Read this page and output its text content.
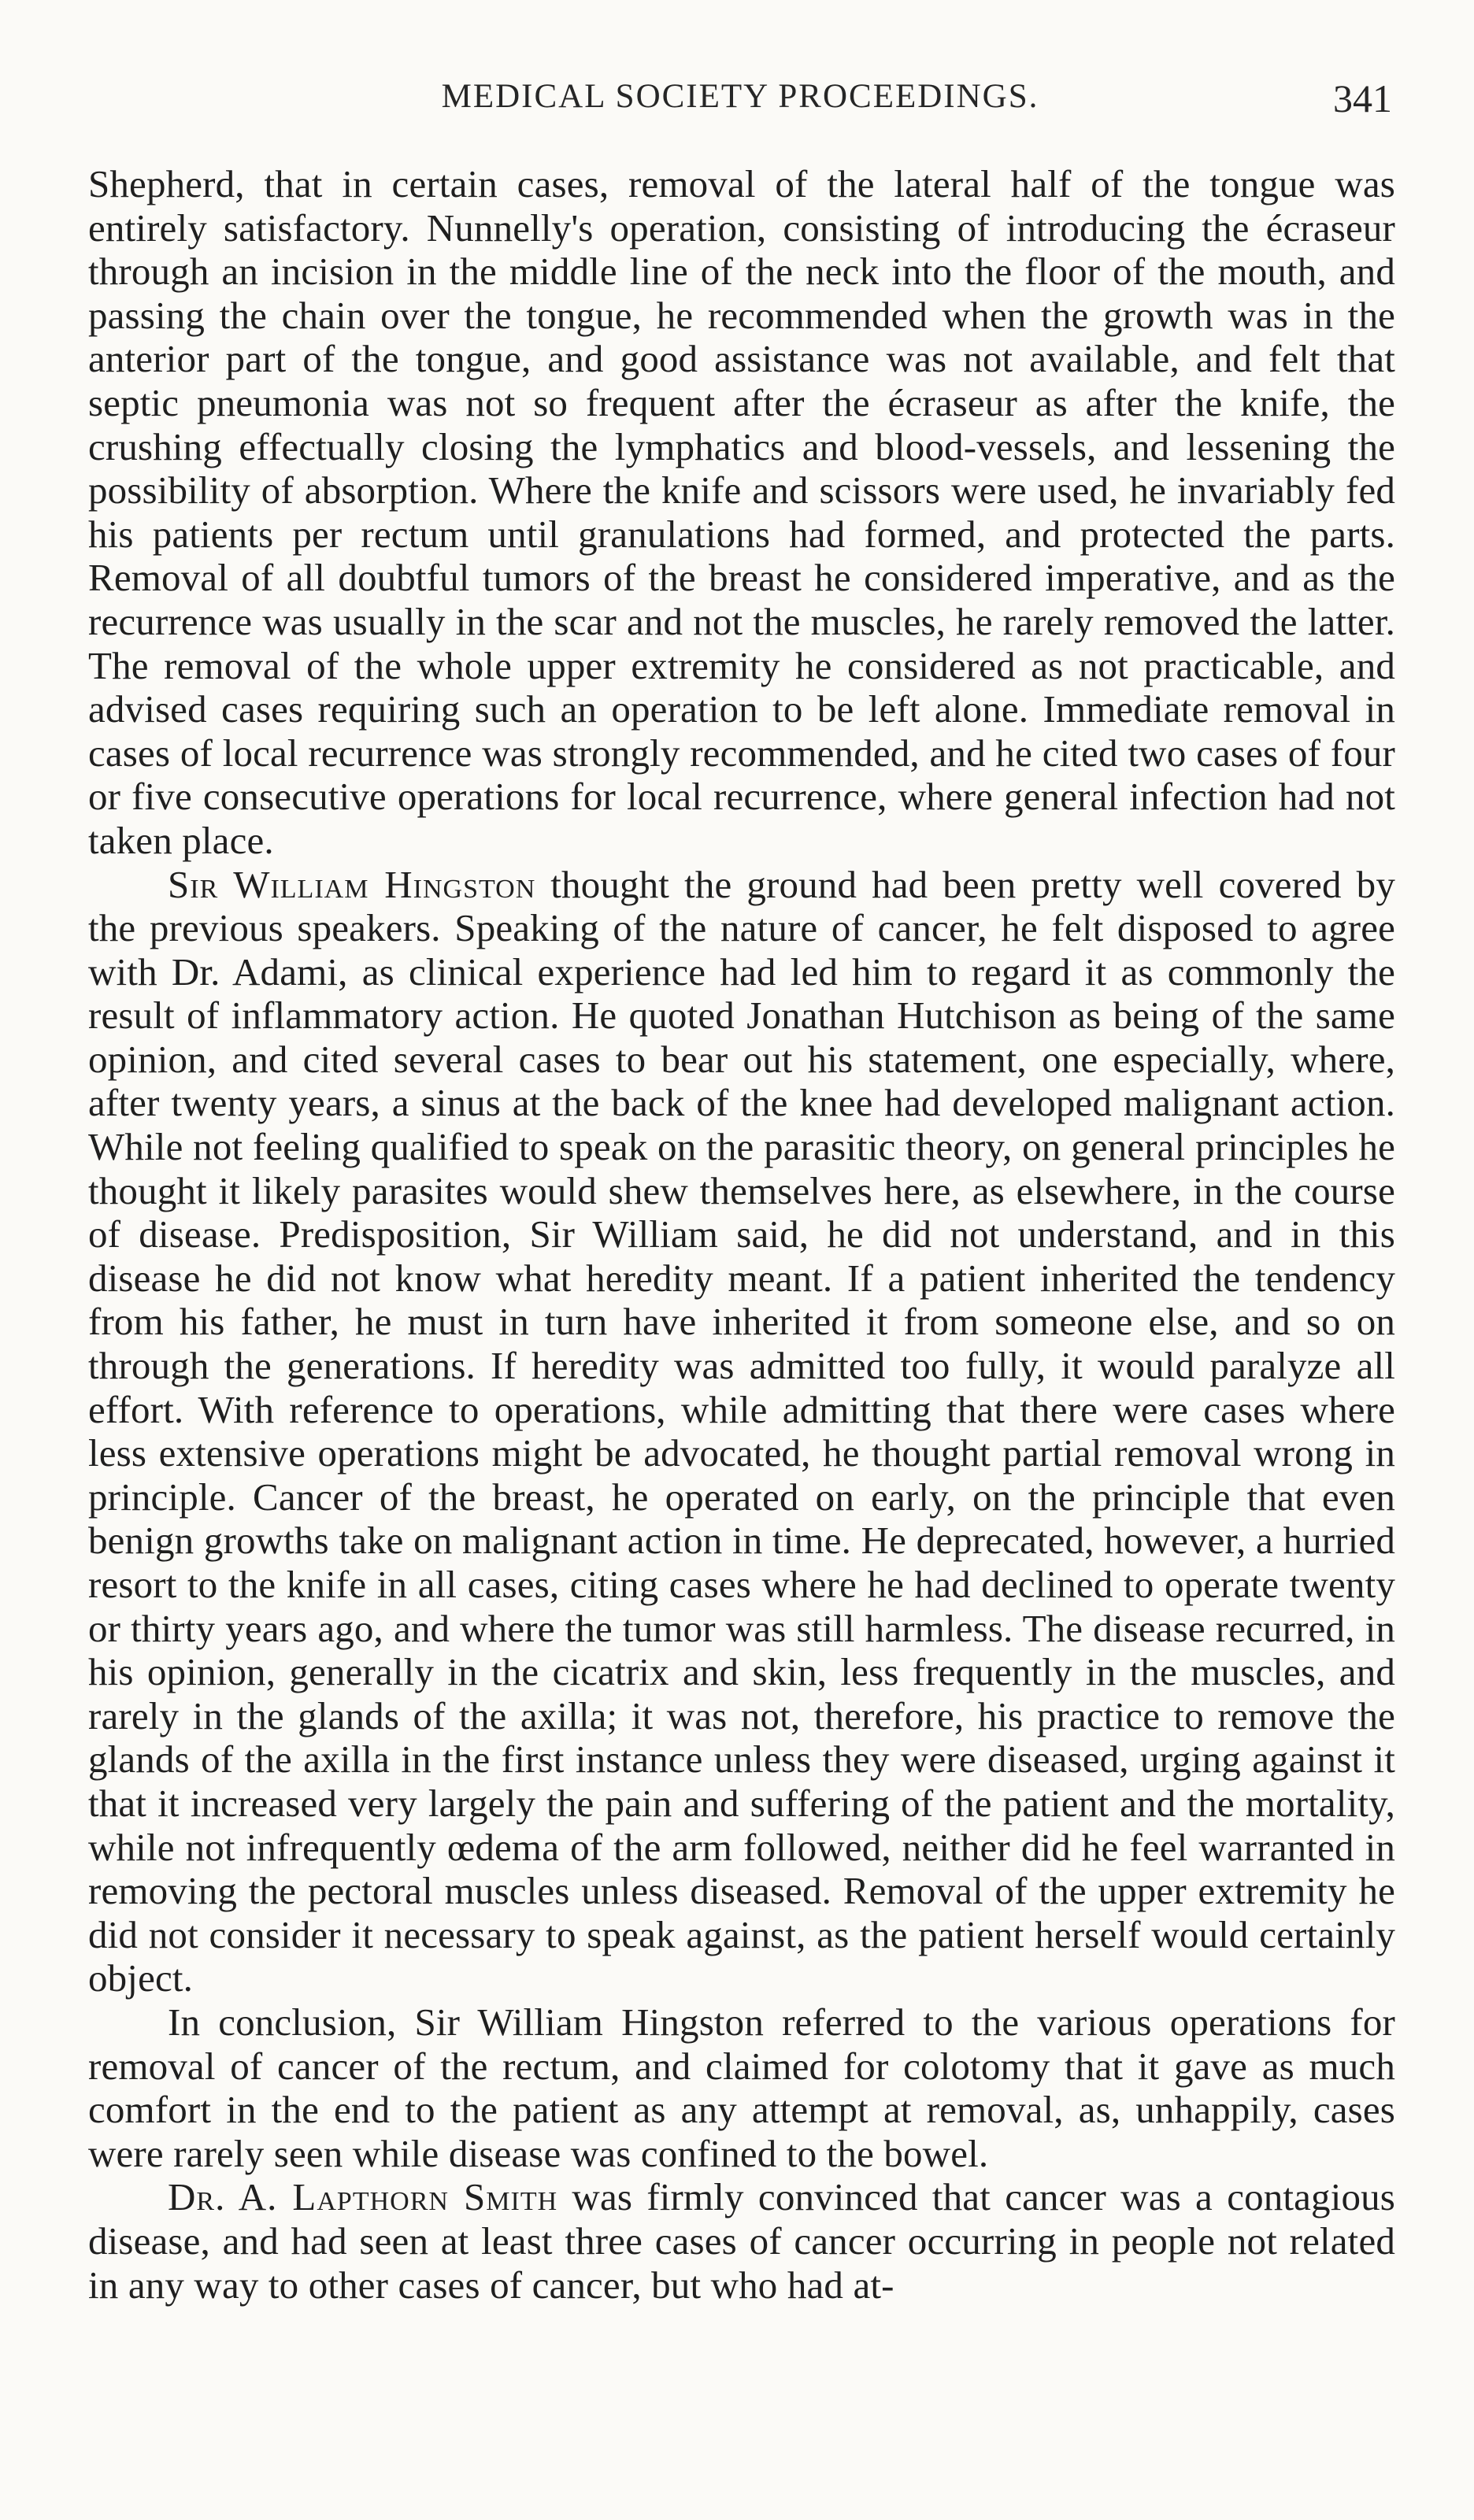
MEDICAL SOCIETY PROCEEDINGS.	341

Shepherd, that in certain cases, removal of the lateral half of the tongue was entirely satisfactory. Nunnelly's operation, consisting of introducing the écraseur through an incision in the middle line of the neck into the floor of the mouth, and passing the chain over the tongue, he recommended when the growth was in the anterior part of the tongue, and good assistance was not available, and felt that septic pneumonia was not so frequent after the écraseur as after the knife, the crushing effectually closing the lymphatics and blood-vessels, and lessening the possibility of absorption. Where the knife and scissors were used, he invariably fed his patients per rectum until granulations had formed, and protected the parts. Removal of all doubtful tumors of the breast he considered imperative, and as the recurrence was usually in the scar and not the muscles, he rarely removed the latter. The removal of the whole upper extremity he considered as not practicable, and advised cases requiring such an operation to be left alone. Immediate removal in cases of local recurrence was strongly recommended, and he cited two cases of four or five consecutive operations for local recurrence, where general infection had not taken place.

Sir William Hingston thought the ground had been pretty well covered by the previous speakers. Speaking of the nature of cancer, he felt disposed to agree with Dr. Adami, as clinical experience had led him to regard it as commonly the result of inflammatory action. He quoted Jonathan Hutchison as being of the same opinion, and cited several cases to bear out his statement, one especially, where, after twenty years, a sinus at the back of the knee had developed malignant action. While not feeling qualified to speak on the parasitic theory, on general principles he thought it likely parasites would shew themselves here, as elsewhere, in the course of disease. Predisposition, Sir William said, he did not understand, and in this disease he did not know what heredity meant. If a patient inherited the tendency from his father, he must in turn have inherited it from someone else, and so on through the generations. If heredity was admitted too fully, it would paralyze all effort. With reference to operations, while admitting that there were cases where less extensive operations might be advocated, he thought partial removal wrong in principle. Cancer of the breast, he operated on early, on the principle that even benign growths take on malignant action in time. He deprecated, however, a hurried resort to the knife in all cases, citing cases where he had declined to operate twenty or thirty years ago, and where the tumor was still harmless. The disease recurred, in his opinion, generally in the cicatrix and skin, less frequently in the muscles, and rarely in the glands of the axilla; it was not, therefore, his practice to remove the glands of the axilla in the first instance unless they were diseased, urging against it that it increased very largely the pain and suffering of the patient and the mortality, while not infrequently œdema of the arm followed, neither did he feel warranted in removing the pectoral muscles unless diseased. Removal of the upper extremity he did not consider it necessary to speak against, as the patient herself would certainly object.

In conclusion, Sir William Hingston referred to the various operations for removal of cancer of the rectum, and claimed for colotomy that it gave as much comfort in the end to the patient as any attempt at removal, as, unhappily, cases were rarely seen while disease was confined to the bowel.

Dr. A. Lapthorn Smith was firmly convinced that cancer was a contagious disease, and had seen at least three cases of cancer occurring in people not related in any way to other cases of cancer, but who had at-
